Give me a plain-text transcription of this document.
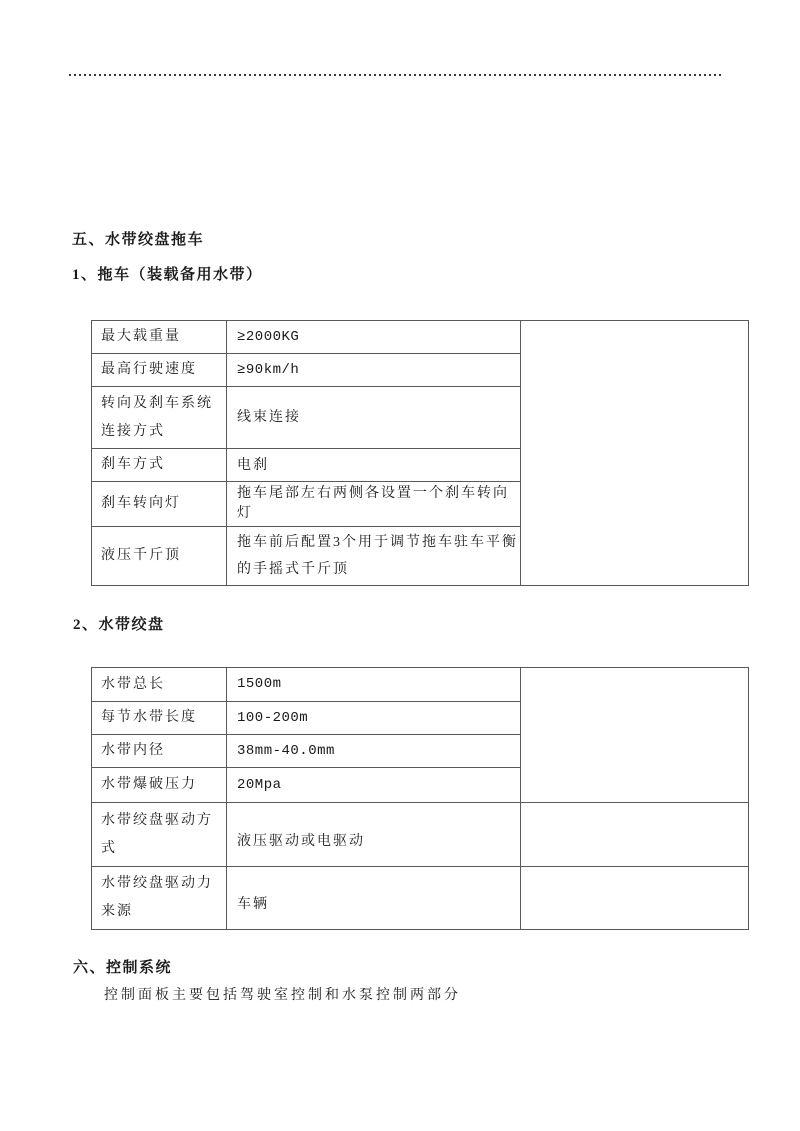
五、水带绞盘拖车
1、拖车（装载备用水带）
最大载重量	≥2000KG	
最高行驶速度	≥90km/h	
转向及刹车系统连接方式	线束连接	
刹车方式	电刹	
刹车转向灯	拖车尾部左右两侧各设置一个刹车转向灯	
液压千斤顶	拖车前后配置3个用于调节拖车驻车平衡的手摇式千斤顶	
2、水带绞盘
水带总长	1500m	
每节水带长度	100-200m	
水带内径	38mm-40.0mm	
水带爆破压力	20Mpa	
水带绞盘驱动方式	液压驱动或电驱动	
水带绞盘驱动力来源	车辆	
六、控制系统
控制面板主要包括驾驶室控制和水泵控制两部分
